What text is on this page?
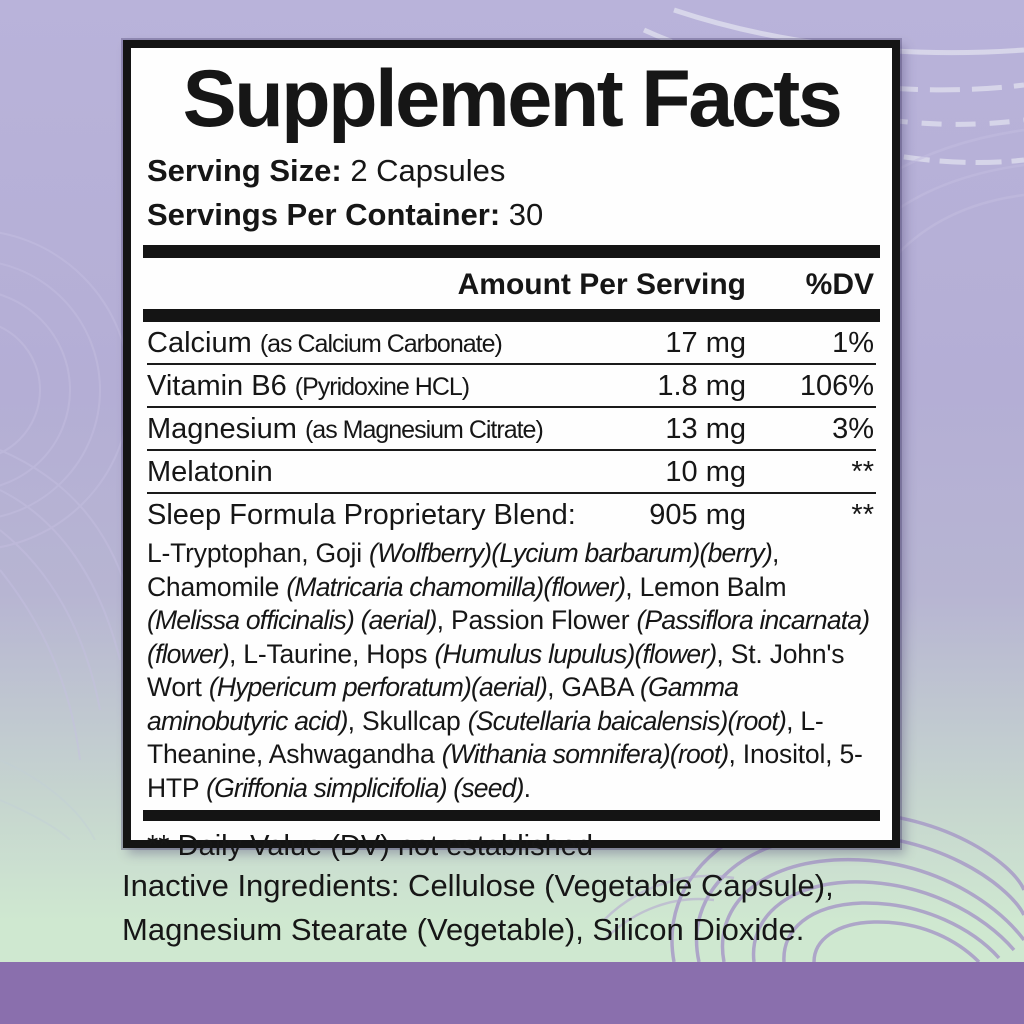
Supplement Facts
Serving Size: 2 Capsules
Servings Per Container: 30
Amount Per Serving %DV
Calcium (as Calcium Carbonate)	17 mg	1%
Vitamin B6 (Pyridoxine HCL)	1.8 mg 106%
Magnesium (as Magnesium Citrate)	13 mg	3%
Melatonin	10 mg	**
Sleep Formula Proprietary Blend:	905 mg	**

L-Tryptophan, Goji (Wolfberry)(Lycium barbarum)(berry), Chamomile (Matricaria chamomilla)(flower), Lemon Balm (Melissa officinalis) (aerial), Passion Flower (Passiflora incarnata)(flower), L-Taurine, Hops (Humulus lupulus)(flower), St. John's Wort (Hypericum perforatum)(aerial), GABA (Gamma aminobutyric acid), Skullcap (Scutellaria baicalensis)(root), L-Theanine, Ashwagandha (Withania somnifera)(root), Inositol, 5-HTP (Griffonia simplicifolia) (seed).

** Daily Value (DV) not established
Inactive Ingredients: Cellulose (Vegetable Capsule), Magnesium Stearate (Vegetable), Silicon Dioxide.
